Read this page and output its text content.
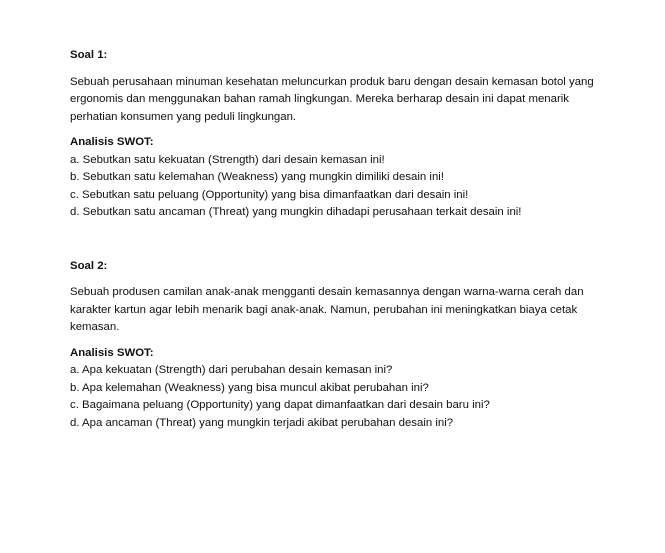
Soal 1:

Sebuah perusahaan minuman kesehatan meluncurkan produk baru dengan desain kemasan botol yang
ergonomis dan menggunakan bahan ramah lingkungan. Mereka berharap desain ini dapat menarik
perhatian konsumen yang peduli lingkungan.

Analisis SWOT:

a. Sebutkan satu kekuatan (Strength) dari desain kemasan ini!
b. Sebutkan satu kelemahan (Weakness) yang mungkin dimiliki desain ini!
c. Sebutkan satu peluang (Opportunity) yang bisa dimanfaatkan dari desain ini!
d. Sebutkan satu ancaman (Threat) yang mungkin dihadapi perusahaan terkait desain ini!

Soal 2:

Sebuah produsen camilan anak-anak mengganti desain kemasannya dengan warna-warna cerah dan
karakter kartun agar lebih menarik bagi anak-anak. Namun, perubahan ini meningkatkan biaya cetak
kemasan.

Analisis SWOT:

a. Apa kekuatan (Strength) dari perubahan desain kemasan ini?
b. Apa kelemahan (Weakness) yang bisa muncul akibat perubahan ini?
c. Bagaimana peluang (Opportunity) yang dapat dimanfaatkan dari desain baru ini?
d. Apa ancaman (Threat) yang mungkin terjadi akibat perubahan desain ini?
